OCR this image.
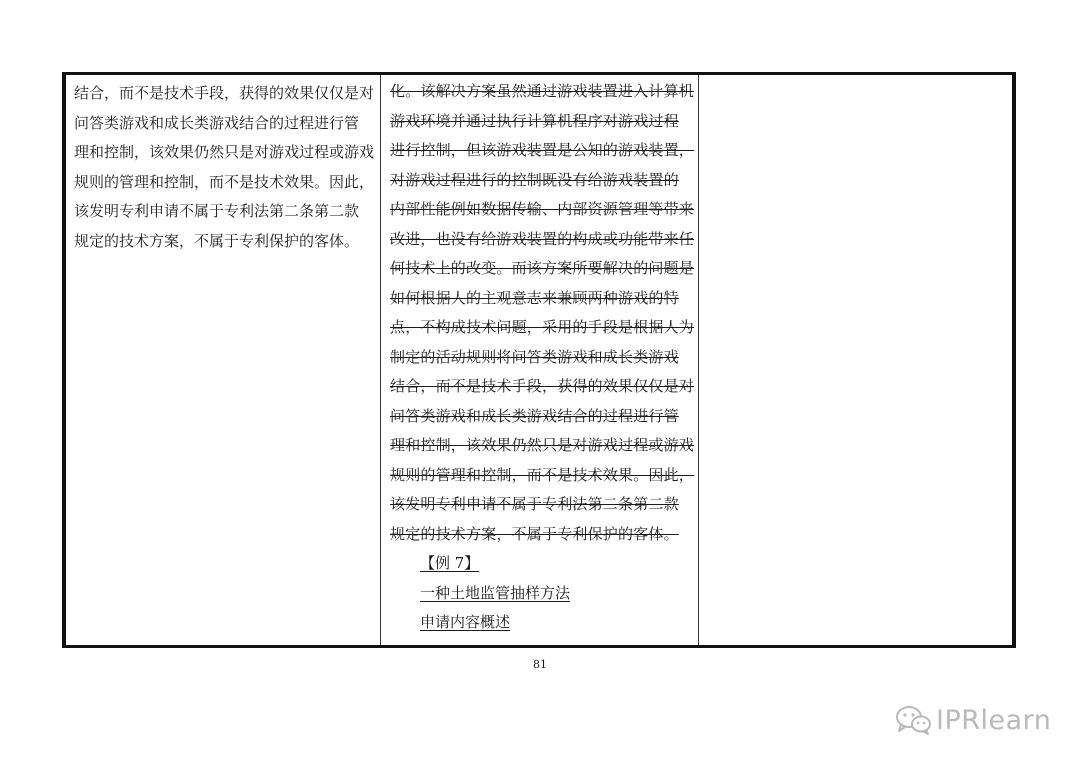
结合，而不是技术手段，获得的效果仅仅是对
问答类游戏和成长类游戏结合的过程进行管
理和控制，该效果仍然只是对游戏过程或游戏
规则的管理和控制，而不是技术效果。因此，
该发明专利申请不属于专利法第二条第二款
规定的技术方案，不属于专利保护的客体。
化。该解决方案虽然通过游戏装置进入计算机
游戏环境并通过执行计算机程序对游戏过程
进行控制，但该游戏装置是公知的游戏装置，
对游戏过程进行的控制既没有给游戏装置的
内部性能例如数据传输、内部资源管理等带来
改进，也没有给游戏装置的构成或功能带来任
何技术上的改变。而该方案所要解决的问题是
如何根据人的主观意志来兼顾两种游戏的特
点，不构成技术问题，采用的手段是根据人为
制定的活动规则将问答类游戏和成长类游戏
结合，而不是技术手段，获得的效果仅仅是对
问答类游戏和成长类游戏结合的过程进行管
理和控制，该效果仍然只是对游戏过程或游戏
规则的管理和控制，而不是技术效果。因此，
该发明专利申请不属于专利法第二条第二款
规定的技术方案，不属于专利保护的客体。
【例 7】
一种土地监管抽样方法
申请内容概述
81
IPRlearn
